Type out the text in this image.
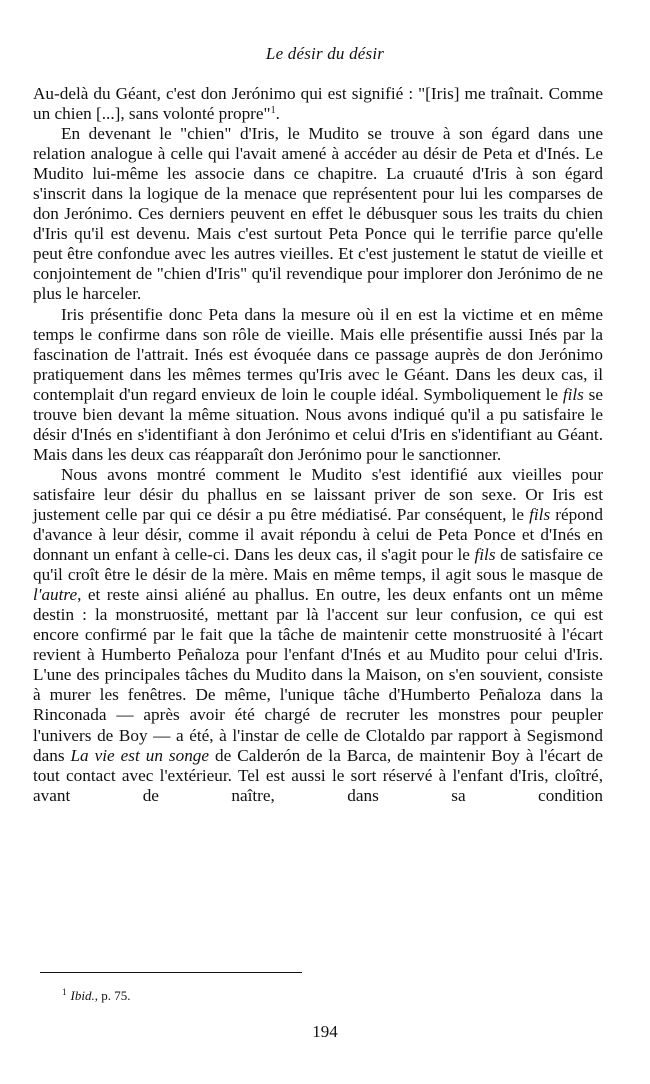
Le désir du désir

Au-delà du Géant, c'est don Jerónimo qui est signifié : "[Iris] me traînait. Comme un chien [...], sans volonté propre"$^1$.

En devenant le "chien" d'Iris, le Mudito se trouve à son égard dans une relation analogue à celle qui l'avait amené à accéder au désir de Peta et d'Inés. Le Mudito lui-même les associe dans ce chapitre. La cruauté d'Iris à son égard s'inscrit dans la logique de la menace que représentent pour lui les comparses de don Jerónimo. Ces derniers peuvent en effet le débusquer sous les traits du chien d'Iris qu'il est devenu. Mais c'est surtout Peta Ponce qui le terrifie parce qu'elle peut être confondue avec les autres vieilles. Et c'est justement le statut de vieille et conjointement de "chien d'Iris" qu'il revendique pour implorer don Jerónimo de ne plus le harceler.

Iris présentifie donc Peta dans la mesure où il en est la victime et en même temps le confirme dans son rôle de vieille. Mais elle présentifie aussi Inés par la fascination de l'attrait. Inés est évoquée dans ce passage auprès de don Jerónimo pratiquement dans les mêmes termes qu'Iris avec le Géant. Dans les deux cas, il contemplait d'un regard envieux de loin le couple idéal. Symboliquement le fils se trouve bien devant la même situation. Nous avons indiqué qu'il a pu satisfaire le désir d'Inés en s'identifiant à don Jerónimo et celui d'Iris en s'identifiant au Géant. Mais dans les deux cas réapparaît don Jerónimo pour le sanctionner.

Nous avons montré comment le Mudito s'est identifié aux vieilles pour satisfaire leur désir du phallus en se laissant priver de son sexe. Or Iris est justement celle par qui ce désir a pu être médiatisé. Par conséquent, le fils répond d'avance à leur désir, comme il avait répondu à celui de Peta Ponce et d'Inés en donnant un enfant à celle-ci. Dans les deux cas, il s'agit pour le fils de satisfaire ce qu'il croît être le désir de la mère. Mais en même temps, il agit sous le masque de l'autre, et reste ainsi aliéné au phallus. En outre, les deux enfants ont un même destin : la monstruosité, mettant par là l'accent sur leur confusion, ce qui est encore confirmé par le fait que la tâche de maintenir cette monstruosité à l'écart revient à Humberto Peñaloza pour l'enfant d'Inés et au Mudito pour celui d'Iris. L'une des principales tâches du Mudito dans la Maison, on s'en souvient, consiste à murer les fenêtres. De même, l'unique tâche d'Humberto Peñaloza dans la Rinconada — après avoir été chargé de recruter les monstres pour peupler l'univers de Boy — a été, à l'instar de celle de Clotaldo par rapport à Segismond dans La vie est un songe de Calderón de la Barca, de maintenir Boy à l'écart de tout contact avec l'extérieur. Tel est aussi le sort réservé à l'enfant d'Iris, cloîtré, avant de naître, dans sa condition

$^1$ Ibid., p. 75.
194
